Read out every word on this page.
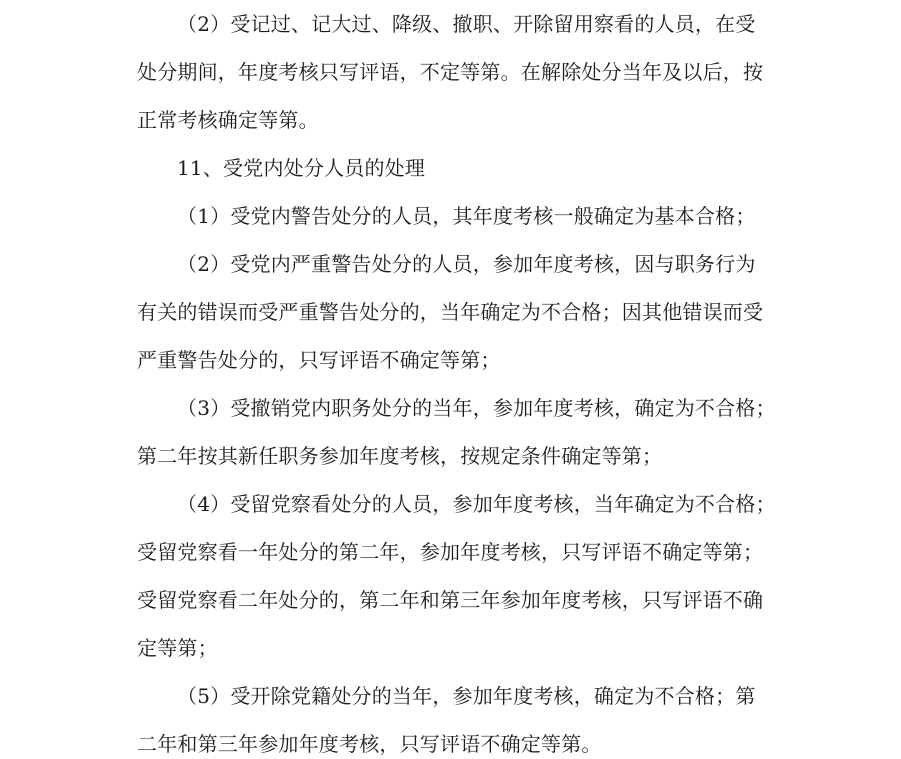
（2）受记过、记大过、降级、撤职、开除留用察看的人员，在受
处分期间，年度考核只写评语，不定等第。在解除处分当年及以后，按
正常考核确定等第。
11、受党内处分人员的处理
（1）受党内警告处分的人员，其年度考核一般确定为基本合格；
（2）受党内严重警告处分的人员，参加年度考核，因与职务行为
有关的错误而受严重警告处分的，当年确定为不合格；因其他错误而受
严重警告处分的，只写评语不确定等第；
（3）受撤销党内职务处分的当年，参加年度考核，确定为不合格；
第二年按其新任职务参加年度考核，按规定条件确定等第；
（4）受留党察看处分的人员，参加年度考核，当年确定为不合格；
受留党察看一年处分的第二年，参加年度考核，只写评语不确定等第；
受留党察看二年处分的，第二年和第三年参加年度考核，只写评语不确
定等第；
（5）受开除党籍处分的当年，参加年度考核，确定为不合格；第
二年和第三年参加年度考核，只写评语不确定等第。
